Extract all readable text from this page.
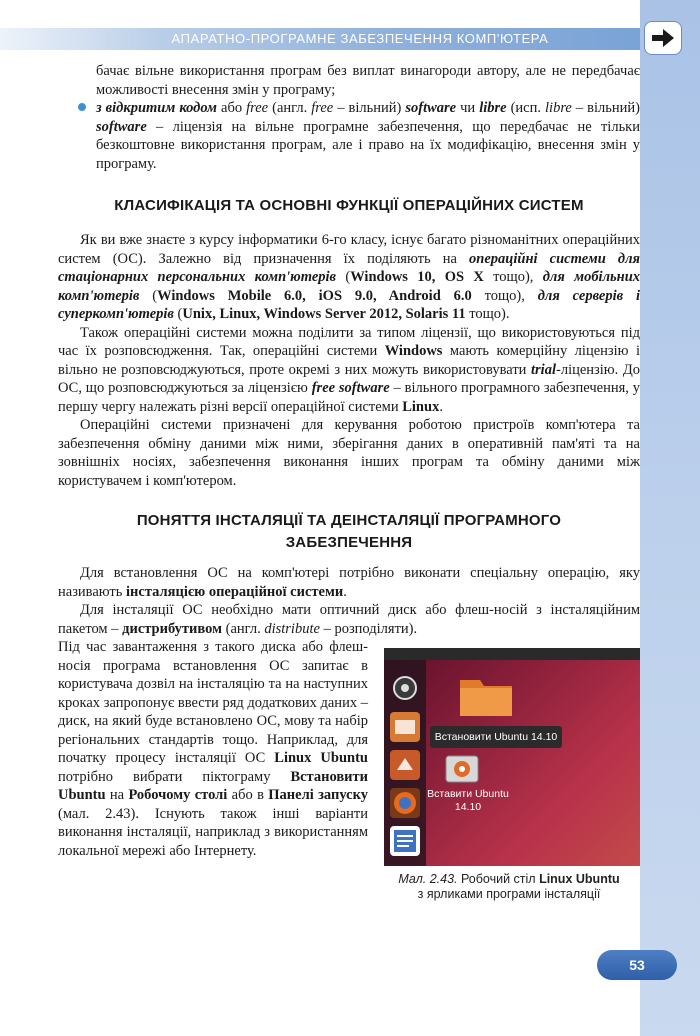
АПАРАТНО-ПРОГРАМНЕ ЗАБЕЗПЕЧЕННЯ КОМП'ЮТЕРА

бачає вільне використання програм без виплат винагороди автору, але не передбачає можливості внесення змін у програму;

з відкритим кодом або free (англ. free – вільний) software чи libre (исп. libre – вільний) software – ліцензія на вільне програмне забезпечення, що передбачає не тільки безкоштовне використання програм, але і право на їх модифікацію, внесення змін у програму.
КЛАСИФІКАЦІЯ ТА ОСНОВНІ ФУНКЦІЇ ОПЕРАЦІЙНИХ СИСТЕМ

Як ви вже знаєте з курсу інформатики 6-го класу, існує багато різноманітних операційних систем (ОС). Залежно від призначення їх поділяють на операційні системи для стаціонарних персональних комп'ютерів (Windows 10, OS X тощо), для мобільних комп'ютерів (Windows Mobile 6.0, iOS 9.0, Android 6.0 тощо), для серверів і суперкомп'ютерів (Unix, Linux, Windows Server 2012, Solaris 11 тощо).

Також операційні системи можна поділити за типом ліцензії, що використовуються під час їх розповсюдження. Так, операційні системи Windows мають комерційну ліцензію і вільно не розповсюджуються, проте окремі з них можуть використовувати trial-ліцензію. До ОС, що розповсюджуються за ліцензією free software – вільного програмного забезпечення, у першу чергу належать різні версії операційної системи Linux.

Операційні системи призначені для керування роботою пристроїв комп'ютера та забезпечення обміну даними між ними, зберігання даних в оперативній пам'яті та на зовнішніх носіях, забезпечення виконання інших програм та обміну даними між користувачем і комп'ютером.

ПОНЯТТЯ ІНСТАЛЯЦІЇ ТА ДЕІНСТАЛЯЦІЇ ПРОГРАМНОГО
ЗАБЕЗПЕЧЕННЯ

Для встановлення ОС на комп'ютері потрібно виконати спеціальну операцію, яку називають інсталяцією операційної системи.

Для інсталяції ОС необхідно мати оптичний диск або флеш-носій з інсталяційним пакетом – дистрибутивом (англ. distribute – розподіляти).

Встановити Ubuntu 14.10
Вставити Ubuntu
14.10
Мал. 2.43. Робочий стіл Linux Ubuntu
з ярликами програми інсталяції

Під час завантаження з такого диска або флеш-носія програма встановлення ОС запитає в користувача дозвіл на інсталяцію та на наступних кроках запропонує ввести ряд додаткових даних – диск, на який буде встановлено ОС, мову та набір регіональних стандартів тощо. Наприклад, для початку процесу інсталяції ОС Linux Ubuntu потрібно вибрати піктограму Встановити Ubuntu на Робочому столі або в Панелі запуску (мал. 2.43). Існують також інші варіанти виконання інсталяції, наприклад з використанням локальної мережі або Інтернету.

53
